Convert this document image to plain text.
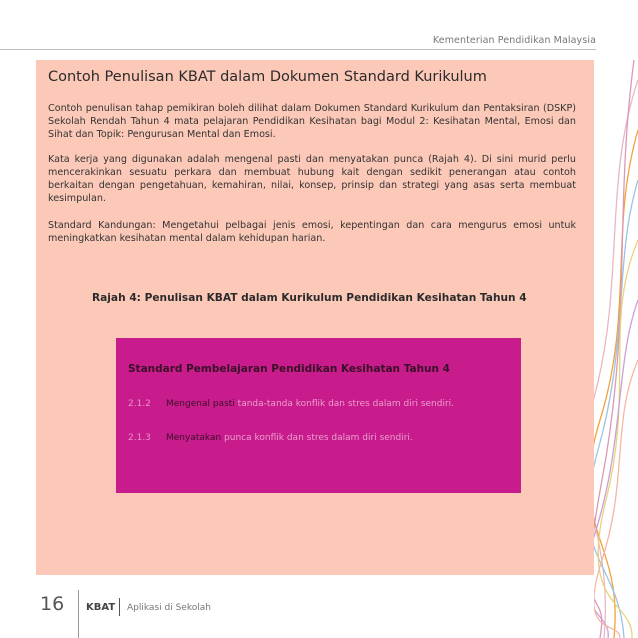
Kementerian Pendidikan Malaysia
Contoh Penulisan KBAT dalam Dokumen Standard Kurikulum
Contoh penulisan tahap pemikiran boleh dilihat dalam Dokumen Standard Kurikulum dan Pentaksiran (DSKP) Sekolah Rendah Tahun 4 mata pelajaran Pendidikan Kesihatan bagi Modul 2: Kesihatan Mental, Emosi dan Sihat dan Topik: Pengurusan Mental dan Emosi.
Kata kerja yang digunakan adalah mengenal pasti dan menyatakan punca (Rajah 4). Di sini murid perlu mencerakinkan sesuatu perkara dan membuat hubung kait dengan sedikit penerangan atau contoh berkaitan dengan pengetahuan, kemahiran, nilai, konsep, prinsip dan strategi yang asas serta membuat kesimpulan.
Standard Kandungan: Mengetahui pelbagai jenis emosi, kepentingan dan cara mengurus emosi untuk meningkatkan kesihatan mental dalam kehidupan harian.
Rajah 4: Penulisan KBAT dalam Kurikulum Pendidikan Kesihatan Tahun 4
Standard Pembelajaran Pendidikan Kesihatan Tahun 4
2.1.2 Mengenal pasti tanda-tanda konflik dan stres dalam diri sendiri.
2.1.3 Menyatakan punca konflik dan stres dalam diri sendiri.
16 KBAT Aplikasi di Sekolah
